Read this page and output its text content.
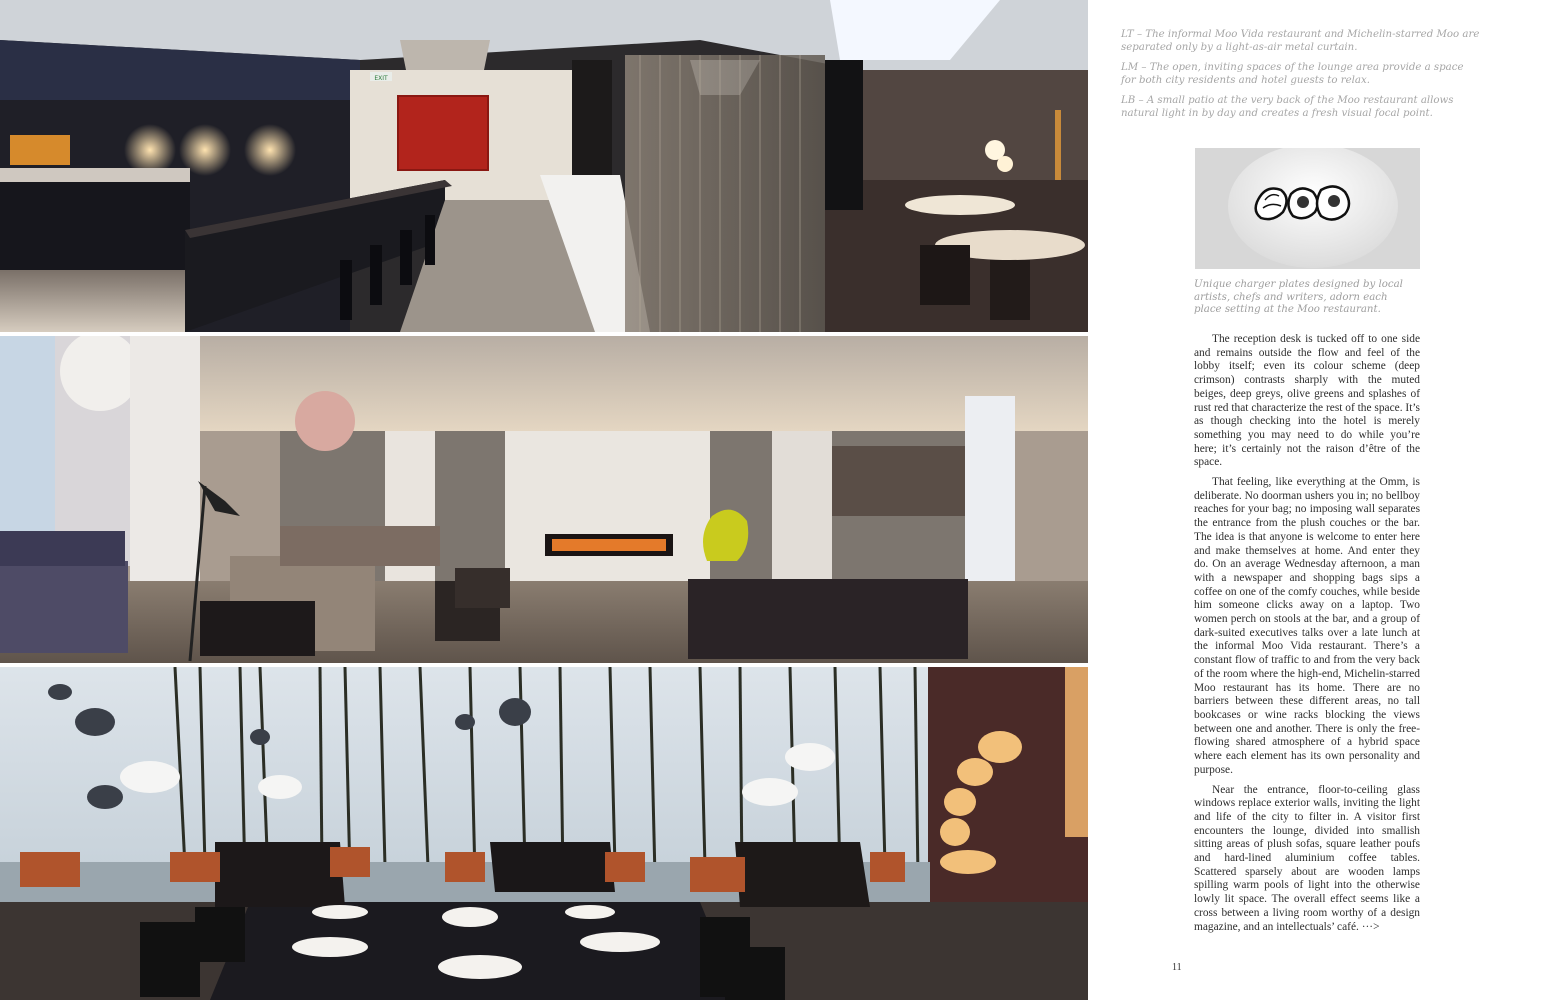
EXIT

LT – The informal Moo Vida restaurant and Michelin-starred Moo are separated only by a light-as-air metal curtain.

LM – The open, inviting spaces of the lounge area provide a space for both city residents and hotel guests to relax.

LB – A small patio at the very back of the Moo restaurant allows natural light in by day and creates a fresh visual focal point.

Unique charger plates designed by local artists, chefs and writers, adorn each place setting at the Moo restaurant.

The reception desk is tucked off to one side and remains outside the flow and feel of the lobby itself; even its colour scheme (deep crimson) contrasts sharply with the muted beiges, deep greys, olive greens and splashes of rust red that characterize the rest of the space. It’s as though checking into the hotel is merely something you may need to do while you’re here; it’s certainly not the raison d’être of the space.

That feeling, like everything at the Omm, is deliberate. No doorman ushers you in; no bellboy reaches for your bag; no imposing wall separates the entrance from the plush couches or the bar. The idea is that anyone is welcome to enter here and make themselves at home. And enter they do. On an average Wednesday afternoon, a man with a newspaper and shopping bags sips a coffee on one of the comfy couches, while beside him someone clicks away on a laptop. Two women perch on stools at the bar, and a group of dark-suited executives talks over a late lunch at the informal Moo Vida restaurant. There’s a constant flow of traffic to and from the very back of the room where the high-end, Michelin-starred Moo restaurant has its home. There are no barriers between these different areas, no tall bookcases or wine racks blocking the views between one and another. There is only the free-flowing shared atmosphere of a hybrid space where each element has its own personality and purpose.

Near the entrance, floor-to-ceiling glass windows replace exterior walls, inviting the light and life of the city to filter in. A visitor first encounters the lounge, divided into smallish sitting areas of plush sofas, square leather poufs and hard-lined aluminium coffee tables. Scattered sparsely about are wooden lamps spilling warm pools of light into the otherwise lowly lit space. The overall effect seems like a cross between a living room worthy of a design magazine, and an intellectuals’ café. ···>

11
